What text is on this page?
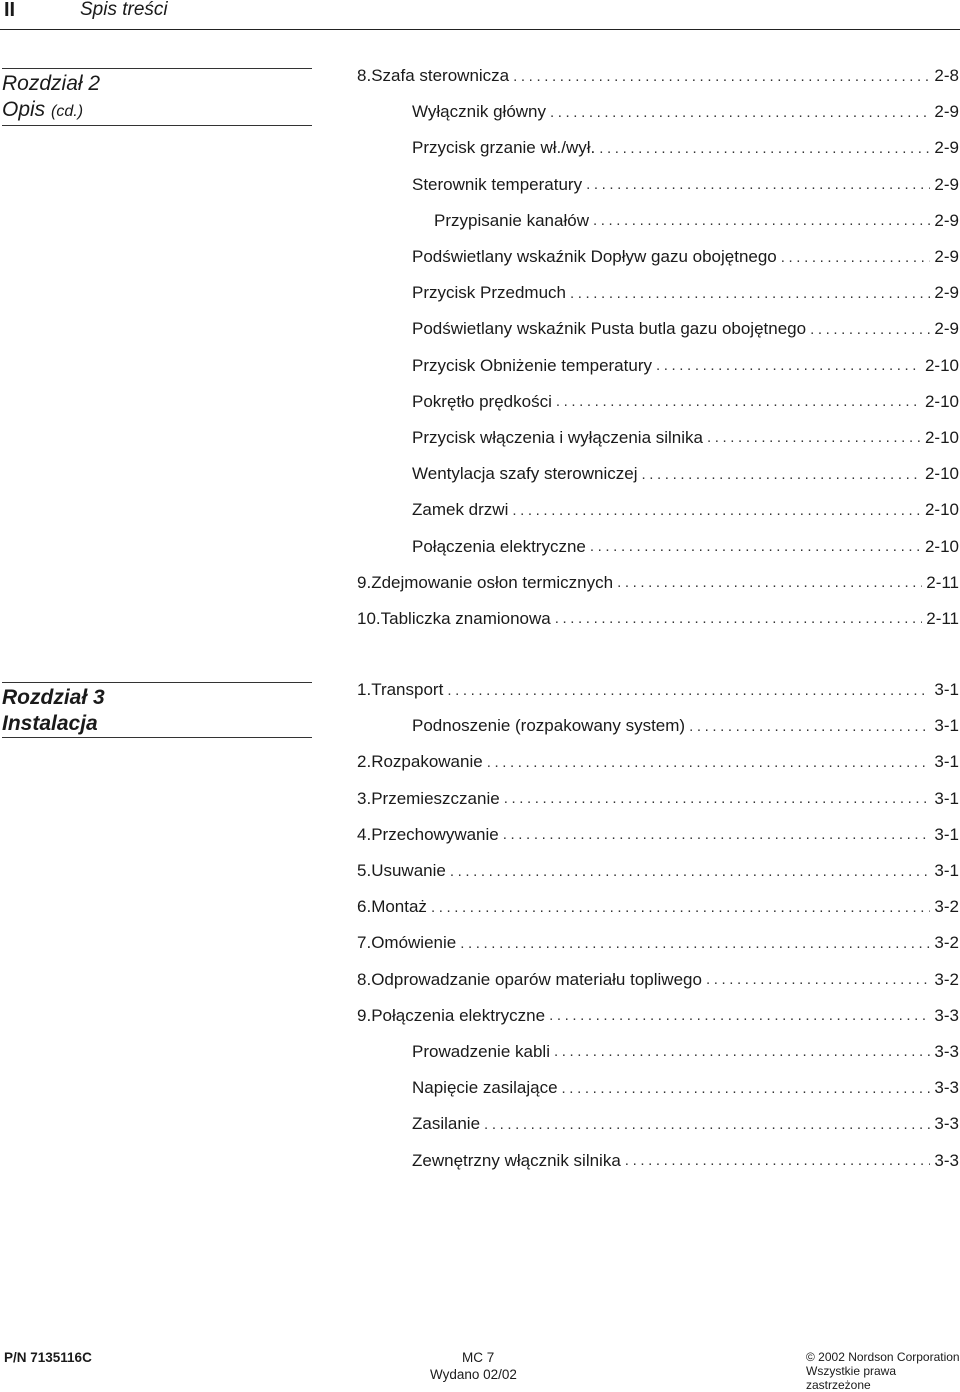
II	Spis treści
Rozdział 2
Opis (cd.)
8. Szafa sterownicza .....	2-8
Wyłącznik główny .....	2-9
Przycisk grzanie wł./wył. .....	2-9
Sterownik temperatury .....	2-9
Przypisanie kanałów .....	2-9
Podświetlany wskaźnik Dopływ gazu obojętnego .....	2-9
Przycisk Przedmuch .....	2-9
Podświetlany wskaźnik Pusta butla gazu obojętnego .....	2-9
Przycisk Obniżenie temperatury .....	2-10
Pokrętło prędkości .....	2-10
Przycisk włączenia i wyłączenia silnika .....	2-10
Wentylacja szafy sterowniczej .....	2-10
Zamek drzwi .....	2-10
Połączenia elektryczne .....	2-10
9. Zdejmowanie osłon termicznych .....	2-11
10. Tabliczka znamionowa .....	2-11
Rozdział 3
Instalacja
1. Transport .....	3-1
Podnoszenie (rozpakowany system) .....	3-1
2. Rozpakowanie .....	3-1
3. Przemieszczanie .....	3-1
4. Przechowywanie .....	3-1
5. Usuwanie .....	3-1
6. Montaż .....	3-2
7. Omówienie .....	3-2
8. Odprowadzanie oparów materiału topliwego .....	3-2
9. Połączenia elektryczne .....	3-3
Prowadzenie kabli .....	3-3
Napięcie zasilające .....	3-3
Zasilanie .....	3-3
Zewnętrzny włącznik silnika .....	3-3
P/N 7135116C	MC 7
Wydano 02/02
© 2002 Nordson Corporation
Wszystkie prawa zastrzeżone
